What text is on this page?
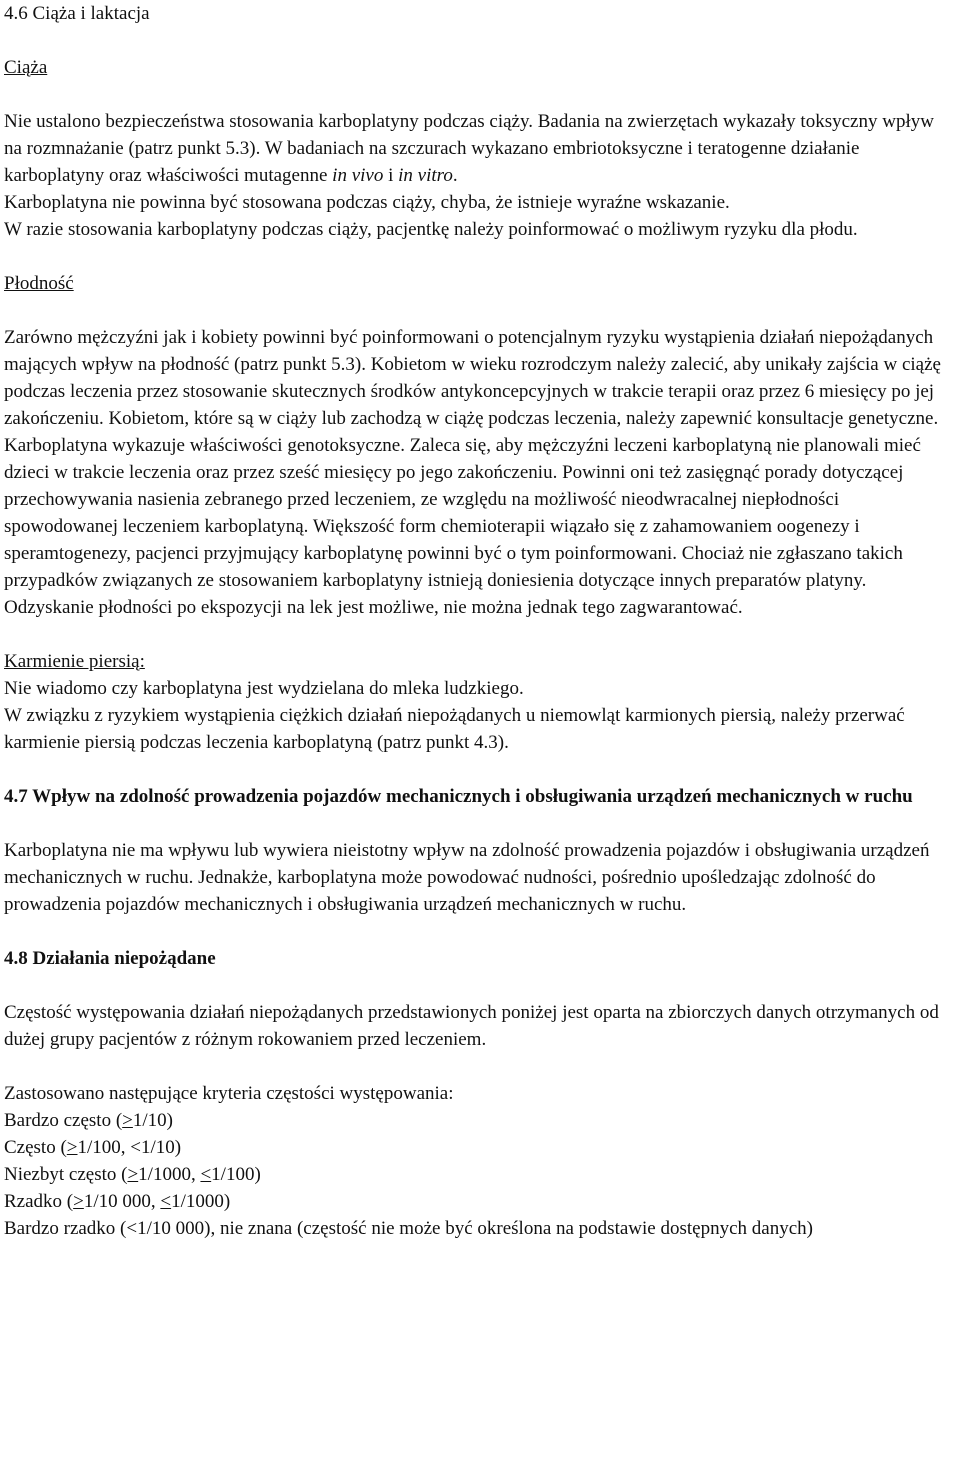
4.6 Ciąża i laktacja

Ciąża

Nie ustalono bezpieczeństwa stosowania karboplatyny podczas ciąży. Badania na zwierzętach wykazały toksyczny wpływ na rozmnażanie (patrz punkt 5.3). W badaniach na szczurach wykazano embriotoksyczne i teratogenne działanie karboplatyny oraz właściwości mutagenne in vivo i in vitro.

Karboplatyna nie powinna być stosowana podczas ciąży, chyba, że istnieje wyraźne wskazanie.

W razie stosowania karboplatyny podczas ciąży, pacjentkę należy poinformować o możliwym ryzyku dla płodu.

Płodność

Zarówno mężczyźni jak i kobiety powinni być poinformowani o potencjalnym ryzyku wystąpienia działań niepożądanych mających wpływ na płodność (patrz punkt 5.3). Kobietom w wieku rozrodczym należy zalecić, aby unikały zajścia w ciążę podczas leczenia przez stosowanie skutecznych środków antykoncepcyjnych w trakcie terapii oraz przez 6 miesięcy po jej zakończeniu. Kobietom, które są w ciąży lub zachodzą w ciążę podczas leczenia, należy zapewnić konsultacje genetyczne.

Karboplatyna wykazuje właściwości genotoksyczne. Zaleca się, aby mężczyźni leczeni karboplatyną nie planowali mieć dzieci w trakcie leczenia oraz przez sześć miesięcy po jego zakończeniu. Powinni oni też zasięgnąć porady dotyczącej przechowywania nasienia zebranego przed leczeniem, ze względu na możliwość nieodwracalnej niepłodności spowodowanej leczeniem karboplatyną. Większość form chemioterapii wiązało się z zahamowaniem oogenezy i speramtogenezy, pacjenci przyjmujący karboplatynę powinni być o tym poinformowani. Chociaż nie zgłaszano takich przypadków związanych ze stosowaniem karboplatyny istnieją doniesienia dotyczące innych preparatów platyny. Odzyskanie płodności po ekspozycji na lek jest możliwe, nie można jednak tego zagwarantować.

Karmienie piersią:

Nie wiadomo czy karboplatyna jest wydzielana do mleka ludzkiego.

W związku z ryzykiem wystąpienia ciężkich działań niepożądanych u niemowląt karmionych piersią, należy przerwać karmienie piersią podczas leczenia karboplatyną (patrz punkt 4.3).

4.7 Wpływ na zdolność prowadzenia pojazdów mechanicznych i obsługiwania urządzeń mechanicznych w ruchu

Karboplatyna nie ma wpływu lub wywiera nieistotny wpływ na zdolność prowadzenia pojazdów i obsługiwania urządzeń mechanicznych w ruchu. Jednakże, karboplatyna może powodować nudności, pośrednio upośledzając zdolność do prowadzenia pojazdów mechanicznych i obsługiwania urządzeń mechanicznych w ruchu.

4.8 Działania niepożądane

Częstość występowania działań niepożądanych przedstawionych poniżej jest oparta na zbiorczych danych otrzymanych od dużej grupy pacjentów z różnym rokowaniem przed leczeniem.

Zastosowano następujące kryteria częstości występowania:

Bardzo często (≥1/10)

Często (≥1/100, <1/10)

Niezbyt często (>1/1000, <1/100)

Rzadko (>1/10 000, <1/1000)

Bardzo rzadko (<1/10 000), nie znana (częstość nie może być określona na podstawie dostępnych danych)
